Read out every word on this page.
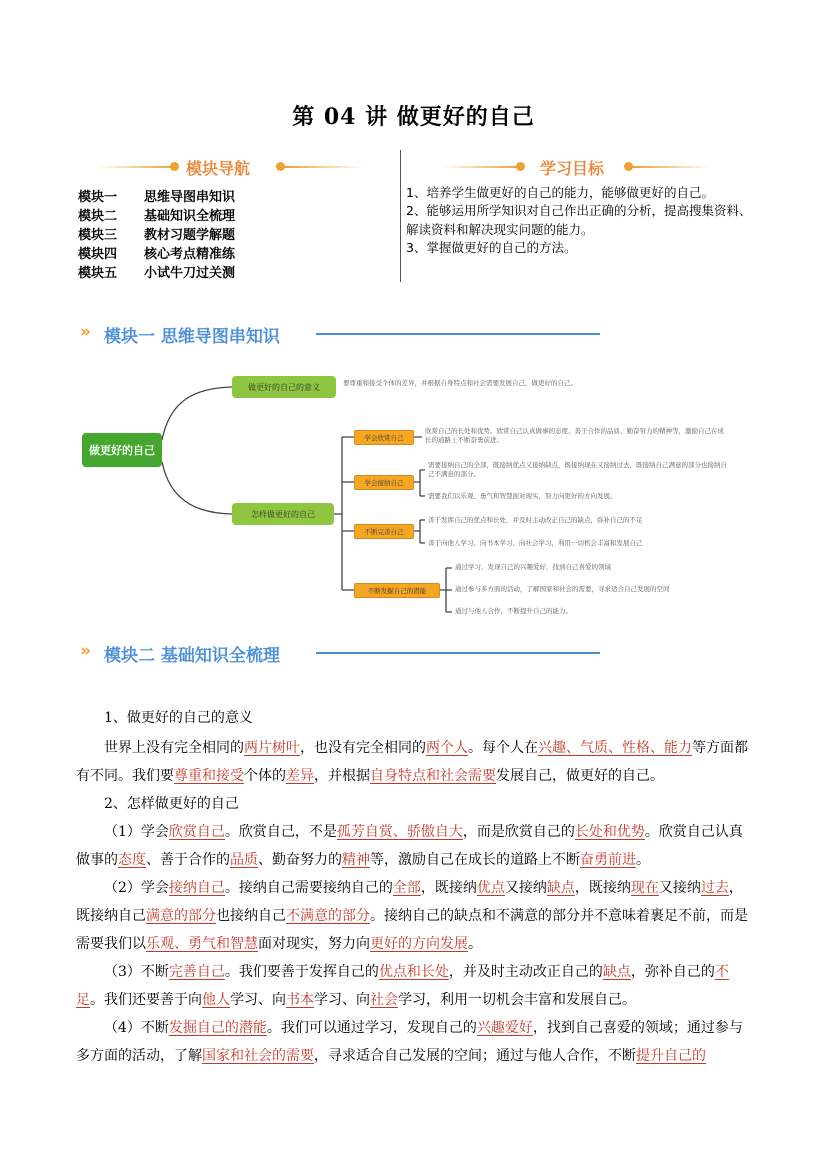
第 04 讲 做更好的自己
模块导航
模块一 思维导图串知识
模块二 基础知识全梳理
模块三 教材习题学解题
模块四 核心考点精准练
模块五 小试牛刀过关测
学习目标
1、培养学生做更好的自己的能力，能够做更好的自己。
2、能够运用所学知识对自己作出正确的分析，提高搜集资料、解读资料和解决现实问题的能力。
3、掌握做更好的自己的方法。
» 模块一 思维导图串知识
做更好的自己
做更好的自己的意义	要尊重和接受个体的差异，并根据自身特点和社会需要发展自己，做更好的自己。
怎样做更好的自己
学会欣赏自己
欣赏自己的长处和优势。欣赏自己认真做事的态度、善于合作的品质、勤奋努力的精神等，激励自己在成长的道路上不断奋勇前进。
学会接纳自己
需要接纳自己的全部，既接纳优点又接纳缺点，既接纳现在又接纳过去，既接纳自己满意的部分也接纳自己不满意的部分。
需要我们以乐观、勇气和智慧面对现实，努力向更好的方向发展。
不断完善自己
善于发挥自己的优点和长处，并及时主动改正自己的缺点，弥补自己的不足
善于向他人学习、向书本学习、向社会学习，利用一切机会丰富和发展自己
不断发掘自己的潜能
通过学习，发现自己的兴趣爱好，找到自己喜爱的领域
通过参与多方面的活动，了解国家和社会的需要，寻求适合自己发展的空间
通过与他人合作，不断提升自己的能力。
» 模块二 基础知识全梳理
1、做更好的自己的意义
世界上没有完全相同的两片树叶，也没有完全相同的两个人。每个人在兴趣、气质、性格、能力等方面都有不同。我们要尊重和接受个体的差异，并根据自身特点和社会需要发展自己，做更好的自己。
2、怎样做更好的自己
（1）学会欣赏自己。欣赏自己，不是孤芳自赏、骄傲自大，而是欣赏自己的长处和优势。欣赏自己认真做事的态度、善于合作的品质、勤奋努力的精神等，激励自己在成长的道路上不断奋勇前进。
（2）学会接纳自己。接纳自己需要接纳自己的全部，既接纳优点又接纳缺点，既接纳现在又接纳过去，既接纳自己满意的部分也接纳自己不满意的部分。接纳自己的缺点和不满意的部分并不意味着裹足不前，而是需要我们以乐观、勇气和智慧面对现实，努力向更好的方向发展。
（3）不断完善自己。我们要善于发挥自己的优点和长处，并及时主动改正自己的缺点，弥补自己的不足。我们还要善于向他人学习、向书本学习、向社会学习，利用一切机会丰富和发展自己。
（4）不断发掘自己的潜能。我们可以通过学习，发现自己的兴趣爱好，找到自己喜爱的领域；通过参与多方面的活动，了解国家和社会的需要，寻求适合自己发展的空间；通过与他人合作，不断提升自己的
